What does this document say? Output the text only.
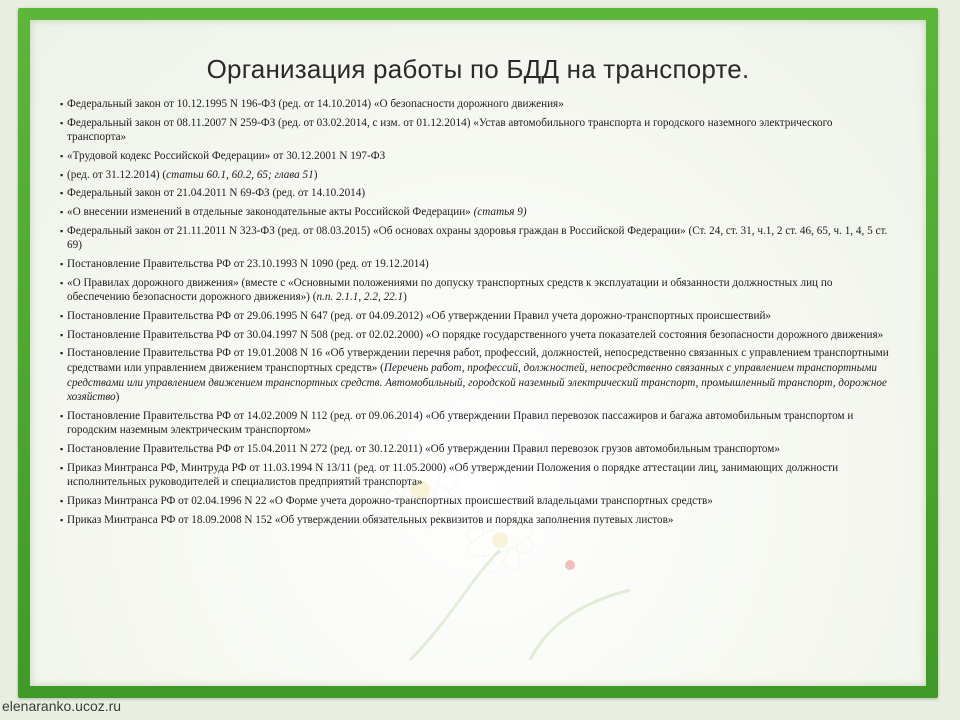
Организация работы по БДД на транспорте.
▪ Федеральный закон от 10.12.1995 N 196-ФЗ (ред. от 14.10.2014) «О безопасности дорожного движения»
▪ Федеральный закон от 08.11.2007 N 259-ФЗ (ред. от 03.02.2014, с изм. от 01.12.2014) «Устав автомобильного транспорта и городского наземного электрического транспорта»
▪ «Трудовой кодекс Российской Федерации» от 30.12.2001 N 197-ФЗ
▪ (ред. от 31.12.2014) (статьи 60.1, 60.2, 65; глава 51)
▪ Федеральный закон от 21.04.2011 N 69-ФЗ (ред. от 14.10.2014)
▪ «О внесении изменений в отдельные законодательные акты Российской Федерации» (статья 9)
▪ Федеральный закон от 21.11.2011 N 323-ФЗ (ред. от 08.03.2015) «Об основах охраны здоровья граждан в Российской Федерации» (Ст. 24, ст. 31, ч.1, 2 ст. 46, 65, ч. 1, 4, 5 ст. 69)
▪ Постановление Правительства РФ от 23.10.1993 N 1090 (ред. от 19.12.2014)
▪ «О Правилах дорожного движения» (вместе с «Основными положениями по допуску транспортных средств к эксплуатации и обязанности должностных лиц по обеспечению безопасности дорожного движения») (п.п. 2.1.1, 2.2, 22.1)
▪ Постановление Правительства РФ от 29.06.1995 N 647 (ред. от 04.09.2012) «Об утверждении Правил учета дорожно-транспортных происшествий»
▪ Постановление Правительства РФ от 30.04.1997 N 508 (ред. от 02.02.2000) «О порядке государственного учета показателей состояния безопасности дорожного движения»
▪ Постановление Правительства РФ от 19.01.2008 N 16 «Об утверждении перечня работ, профессий, должностей, непосредственно связанных с управлением транспортными средствами или управлением движением транспортных средств» (Перечень работ, профессий, должностей, непосредственно связанных с управлением транспортными средствами или управлением движением транспортных средств. Автомобильный, городской наземный электрический транспорт, промышленный транспорт, дорожное хозяйство)
▪ Постановление Правительства РФ от 14.02.2009 N 112 (ред. от 09.06.2014) «Об утверждении Правил перевозок пассажиров и багажа автомобильным транспортом и городским наземным электрическим транспортом»
▪ Постановление Правительства РФ от 15.04.2011 N 272 (ред. от 30.12.2011) «Об утверждении Правил перевозок грузов автомобильным транспортом»
▪ Приказ Минтранса РФ, Минтруда РФ от 11.03.1994 N 13/11 (ред. от 11.05.2000) «Об утверждении Положения о порядке аттестации лиц, занимающих должности исполнительных руководителей и специалистов предприятий транспорта»
▪ Приказ Минтранса РФ от 02.04.1996 N 22 «О Форме учета дорожно-транспортных происшествий владельцами транспортных средств»
▪ Приказ Минтранса РФ от 18.09.2008 N 152 «Об утверждении обязательных реквизитов и порядка заполнения путевых листов»
elenaranko.ucoz.ru
